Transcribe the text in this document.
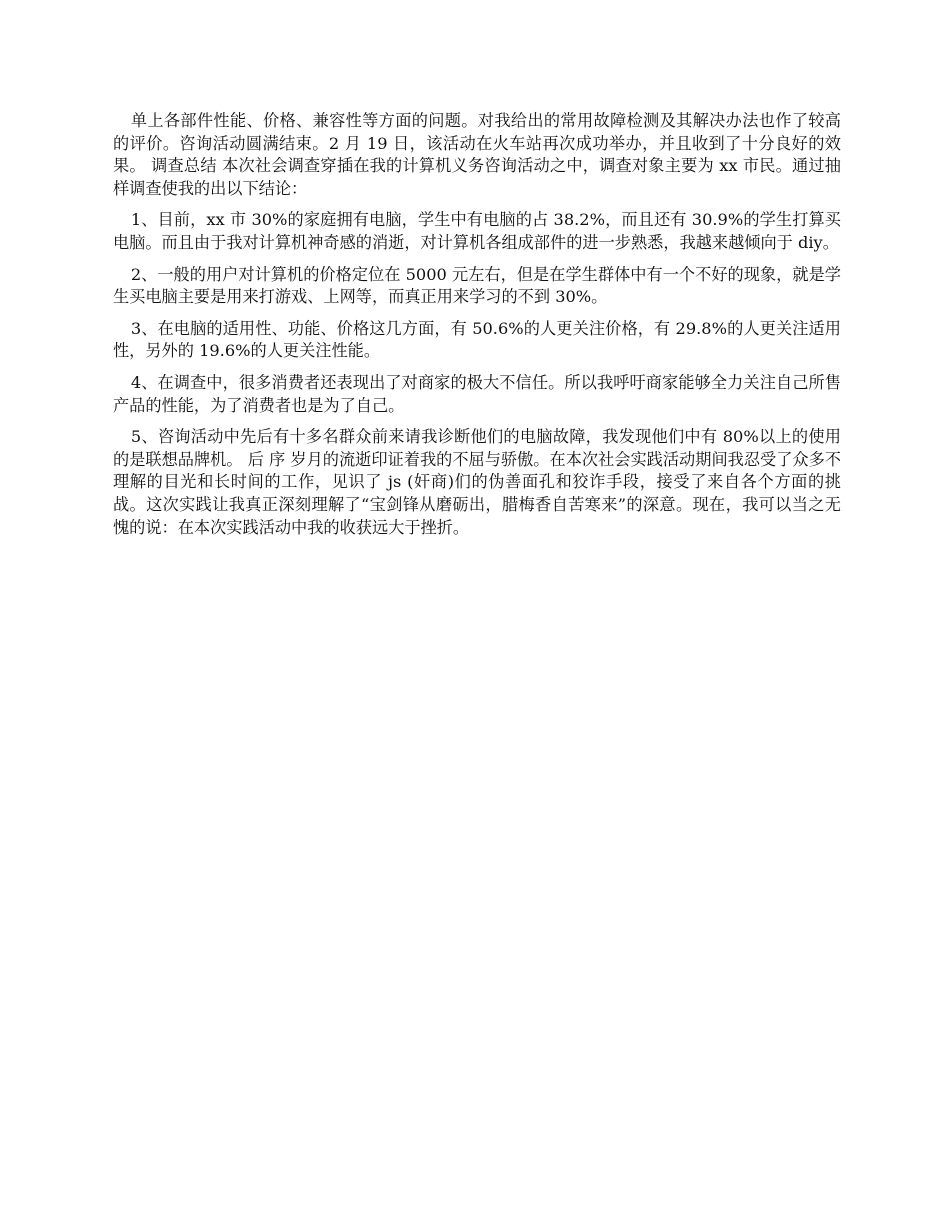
单上各部件性能、价格、兼容性等方面的问题。对我给出的常用故障检测及其解决办法也作了较高的评价。咨询活动圆满结束。2 月 19 日，该活动在火车站再次成功举办，并且收到了十分良好的效果。 调查总结 本次社会调查穿插在我的计算机义务咨询活动之中，调查对象主要为 xx 市民。通过抽样调查使我的出以下结论：

1、目前，xx 市 30%的家庭拥有电脑，学生中有电脑的占 38.2%，而且还有 30.9%的学生打算买电脑。而且由于我对计算机神奇感的消逝，对计算机各组成部件的进一步熟悉，我越来越倾向于 diy。

2、一般的用户对计算机的价格定位在 5000 元左右，但是在学生群体中有一个不好的现象，就是学生买电脑主要是用来打游戏、上网等，而真正用来学习的不到 30%。

3、在电脑的适用性、功能、价格这几方面，有 50.6%的人更关注价格，有 29.8%的人更关注适用性，另外的 19.6%的人更关注性能。

4、在调查中，很多消费者还表现出了对商家的极大不信任。所以我呼吁商家能够全力关注自己所售产品的性能，为了消费者也是为了自己。

5、咨询活动中先后有十多名群众前来请我诊断他们的电脑故障，我发现他们中有 80%以上的使用的是联想品牌机。 后 序 岁月的流逝印证着我的不屈与骄傲。在本次社会实践活动期间我忍受了众多不理解的目光和长时间的工作，见识了 js (奸商)们的伪善面孔和狡诈手段，接受了来自各个方面的挑战。这次实践让我真正深刻理解了“宝剑锋从磨砺出，腊梅香自苦寒来”的深意。现在，我可以当之无愧的说：在本次实践活动中我的收获远大于挫折。
